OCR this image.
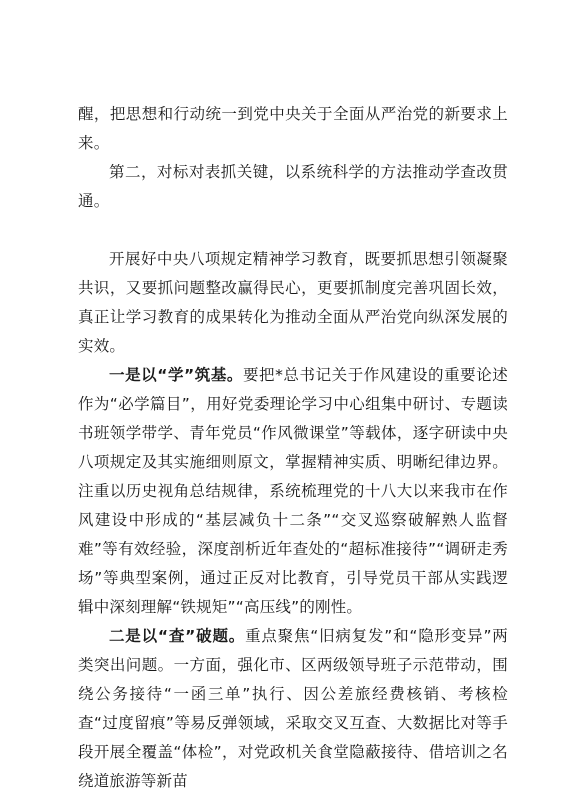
醒，把思想和行动统一到党中央关于全面从严治党的新要求上来。

第二，对标对表抓关键，以系统科学的方法推动学查改贯通。

开展好中央八项规定精神学习教育，既要抓思想引领凝聚共识，又要抓问题整改赢得民心，更要抓制度完善巩固长效，真正让学习教育的成果转化为推动全面从严治党向纵深发展的实效。

一是以“学”筑基。要把*总书记关于作风建设的重要论述作为“必学篇目”，用好党委理论学习中心组集中研讨、专题读书班领学带学、青年党员“作风微课堂”等载体，逐字研读中央八项规定及其实施细则原文，掌握精神实质、明晰纪律边界。注重以历史视角总结规律，系统梳理党的十八大以来我市在作风建设中形成的“基层减负十二条”“交叉巡察破解熟人监督难”等有效经验，深度剖析近年查处的“超标准接待”“调研走秀场”等典型案例，通过正反对比教育，引导党员干部从实践逻辑中深刻理解“铁规矩”“高压线”的刚性。

二是以“查”破题。重点聚焦“旧病复发”和“隐形变异”两类突出问题。一方面，强化市、区两级领导班子示范带动，围绕公务接待“一函三单”执行、因公差旅经费核销、考核检查“过度留痕”等易反弹领域，采取交叉互查、大数据比对等手段开展全覆盖“体检”，对党政机关食堂隐蔽接待、借培训之名绕道旅游等新苗
